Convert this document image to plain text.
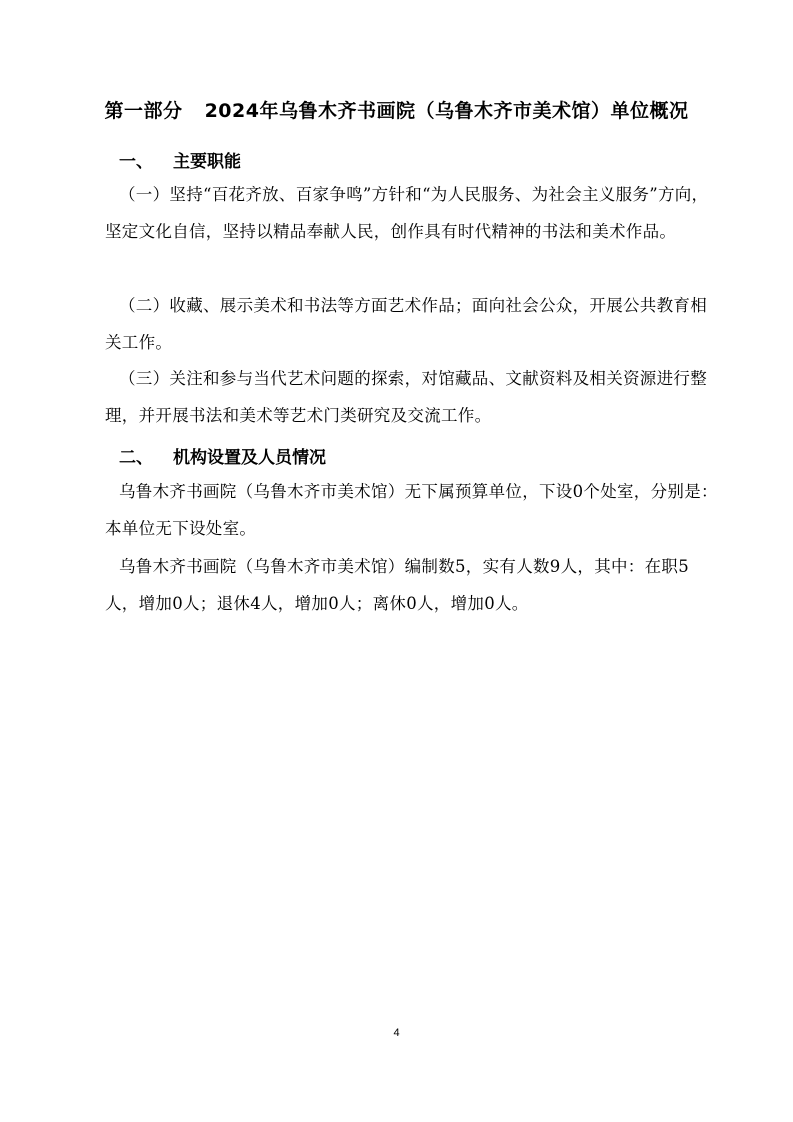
第一部分 2024年乌鲁木齐书画院（乌鲁木齐市美术馆）单位概况
一、 主要职能
（一）坚持“百花齐放、百家争鸣”方针和“为人民服务、为社会主义服务”方向，坚定文化自信，坚持以精品奉献人民，创作具有时代精神的书法和美术作品。
（二）收藏、展示美术和书法等方面艺术作品；面向社会公众，开展公共教育相关工作。
（三）关注和参与当代艺术问题的探索，对馆藏品、文献资料及相关资源进行整理，并开展书法和美术等艺术门类研究及交流工作。
二、 机构设置及人员情况
乌鲁木齐书画院（乌鲁木齐市美术馆）无下属预算单位，下设0个处室，分别是：本单位无下设处室。
乌鲁木齐书画院（乌鲁木齐市美术馆）编制数5，实有人数9人，其中：在职5人，增加0人；退休4人，增加0人；离休0人，增加0人。
4
